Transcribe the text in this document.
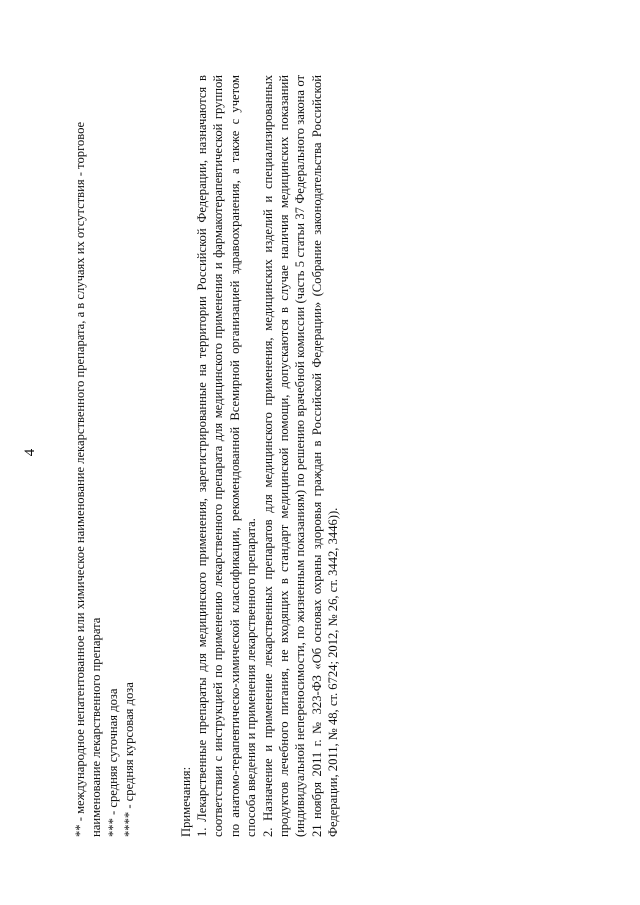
4	** - международное непатентованное или химическое наименование лекарственного препарата, а в случаях их отсутствия - торговое наименование лекарственного препарата *** - средняя суточная доза **** - средняя курсовая доза	Примечания: 1. Лекарственные препараты для медицинского применения, зарегистрированные на территории Российской Федерации, назначаются в соответствии с инструкцией по применению лекарственного препарата для медицинского применения и фармакотерапевтической группой по анатомо-терапевтическо-химической классификации, рекомендованной Всемирной организацией здравоохранения, а также с учетом способа введения и применения лекарственного препарата. 2. Назначение и применение лекарственных препаратов для медицинского применения, медицинских изделий и специализированных продуктов лечебного питания, не входящих в стандарт медицинской помощи, допускаются в случае наличия медицинских показаний (индивидуальной непереносимости, по жизненным показаниям) по решению врачебной комиссии (часть 5 статьи 37 Федерального закона от 21 ноября 2011 г. № 323-ФЗ «Об основах охраны здоровья граждан в Российской Федерации» (Собрание законодательства Российской Федерации, 2011, № 48, ст. 6724; 2012, № 26, ст. 3442, 3446)).
